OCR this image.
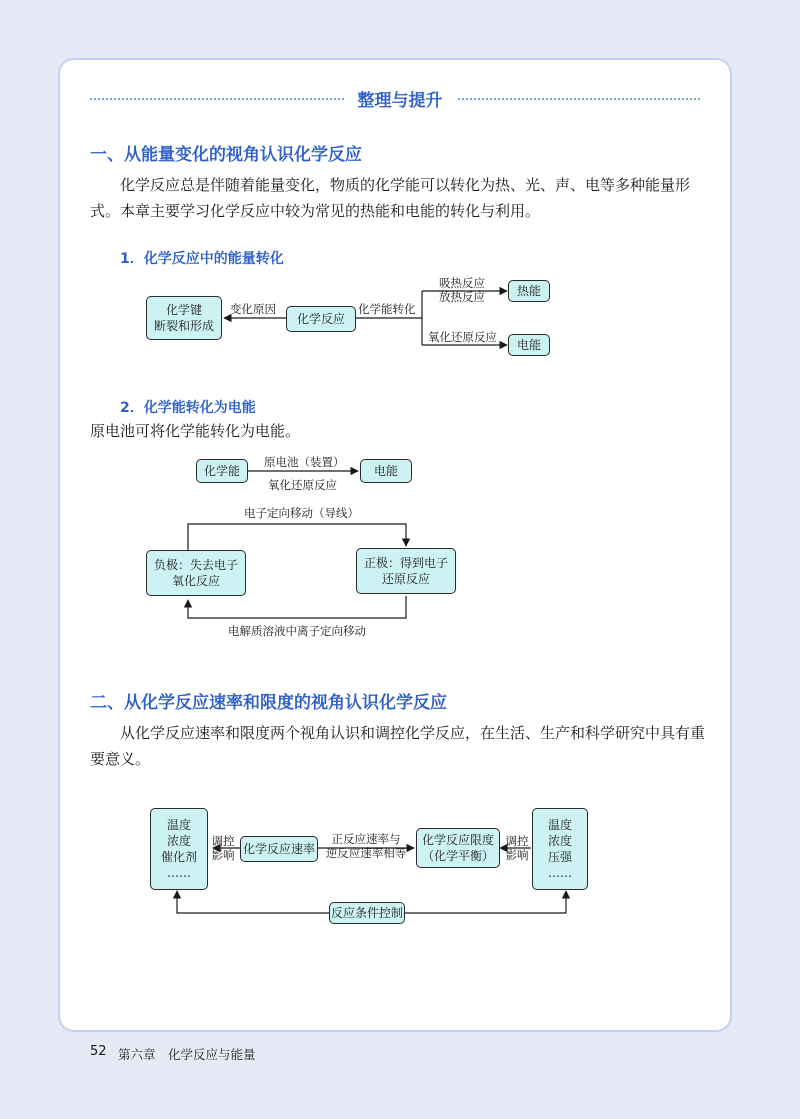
整理与提升
一、从能量变化的视角认识化学反应
化学反应总是伴随着能量变化，物质的化学能可以转化为热、光、声、电等多种能量形式。本章主要学习化学反应中较为常见的热能和电能的转化与利用。
1．化学反应中的能量转化
化学键
断裂和形成
变化原因
化学反应
化学能转化
吸热反应
放热反应	热能
氧化还原反应
电能
2．化学能转化为电能
原电池可将化学能转化为电能。
化学能
原电池（装置）
氧化还原反应
电能
电子定向移动（导线）
负极：失去电子
氧化反应
正极：得到电子
还原反应
电解质溶液中离子定向移动
二、从化学反应速率和限度的视角认识化学反应
从化学反应速率和限度两个视角认识和调控化学反应，在生活、生产和科学研究中具有重要意义。
温度
浓度
催化剂
……
调控
影响 化学反应速率
正反应速率与
逆反应速率相等
化学反应限度
（化学平衡）
调控
影响
温度
浓度
压强
……
反应条件控制
52 第六章　化学反应与能量
